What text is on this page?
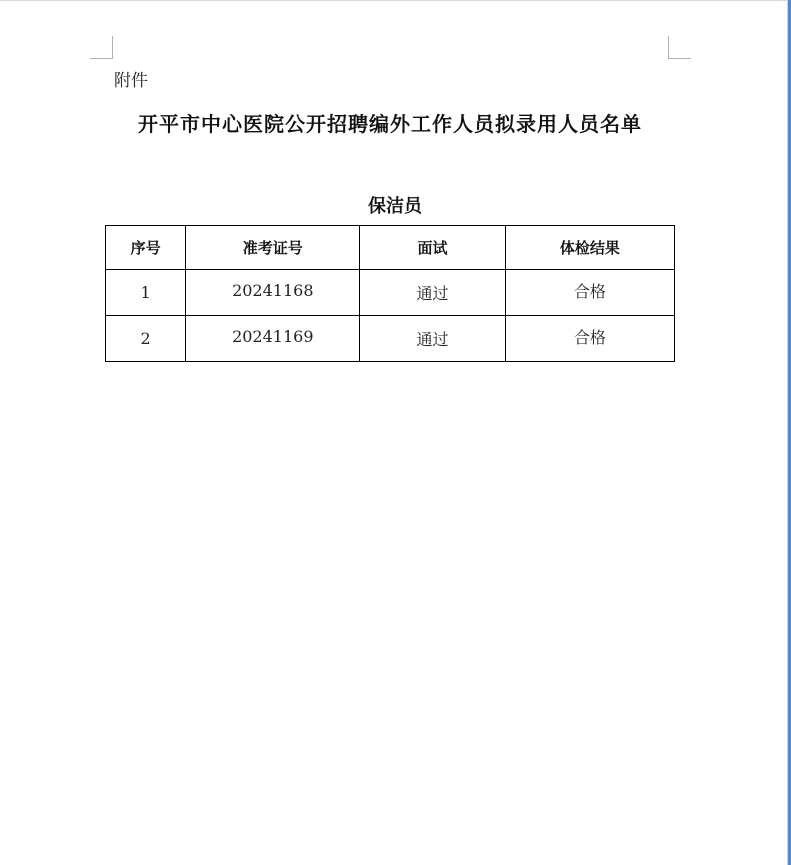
附件
开平市中心医院公开招聘编外工作人员拟录用人员名单
保洁员
序号	准考证号	面试	体检结果
1	20241168	通过	合格
2	20241169	通过	合格
